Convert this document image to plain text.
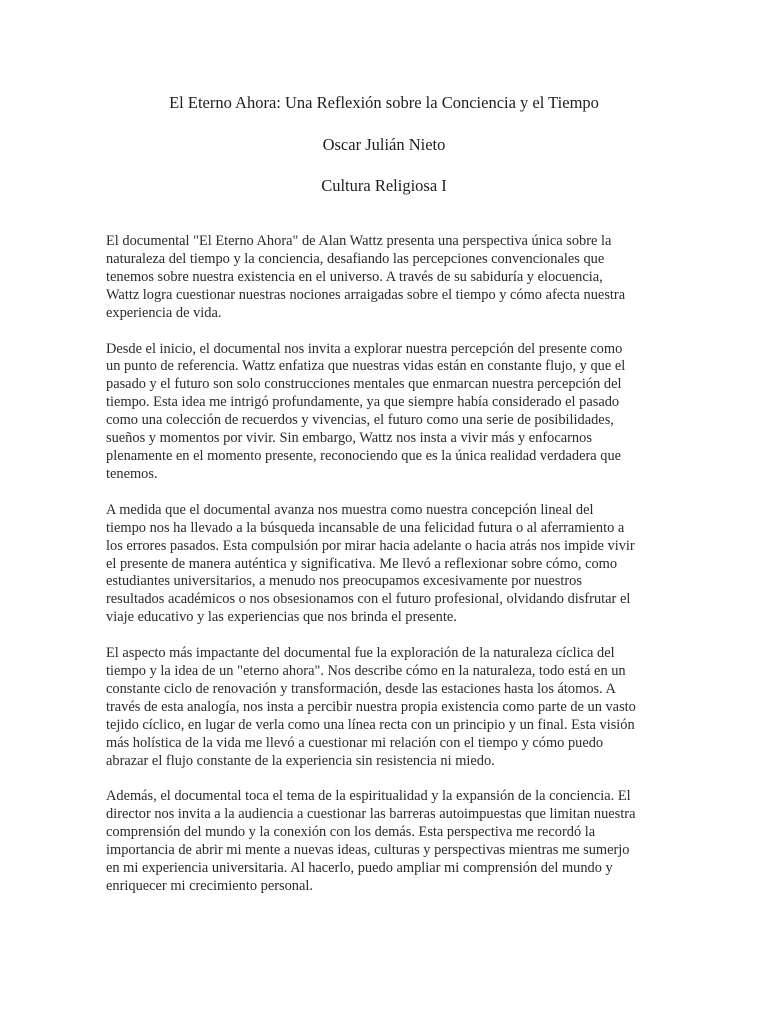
El Eterno Ahora: Una Reflexión sobre la Conciencia y el Tiempo
Oscar Julián Nieto
Cultura Religiosa I

El documental "El Eterno Ahora" de Alan Wattz presenta una perspectiva única sobre la
naturaleza del tiempo y la conciencia, desafiando las percepciones convencionales que
tenemos sobre nuestra existencia en el universo. A través de su sabiduría y elocuencia,
Wattz logra cuestionar nuestras nociones arraigadas sobre el tiempo y cómo afecta nuestra
experiencia de vida.

Desde el inicio, el documental nos invita a explorar nuestra percepción del presente como
un punto de referencia. Wattz enfatiza que nuestras vidas están en constante flujo, y que el
pasado y el futuro son solo construcciones mentales que enmarcan nuestra percepción del
tiempo. Esta idea me intrigó profundamente, ya que siempre había considerado el pasado
como una colección de recuerdos y vivencias, el futuro como una serie de posibilidades,
sueños y momentos por vivir. Sin embargo, Wattz nos insta a vivir más y enfocarnos
plenamente en el momento presente, reconociendo que es la única realidad verdadera que
tenemos.

A medida que el documental avanza nos muestra como nuestra concepción lineal del
tiempo nos ha llevado a la búsqueda incansable de una felicidad futura o al aferramiento a
los errores pasados. Esta compulsión por mirar hacia adelante o hacia atrás nos impide vivir
el presente de manera auténtica y significativa. Me llevó a reflexionar sobre cómo, como
estudiantes universitarios, a menudo nos preocupamos excesivamente por nuestros
resultados académicos o nos obsesionamos con el futuro profesional, olvidando disfrutar el
viaje educativo y las experiencias que nos brinda el presente.

El aspecto más impactante del documental fue la exploración de la naturaleza cíclica del
tiempo y la idea de un "eterno ahora". Nos describe cómo en la naturaleza, todo está en un
constante ciclo de renovación y transformación, desde las estaciones hasta los átomos. A
través de esta analogía, nos insta a percibir nuestra propia existencia como parte de un vasto
tejido cíclico, en lugar de verla como una línea recta con un principio y un final. Esta visión
más holística de la vida me llevó a cuestionar mi relación con el tiempo y cómo puedo
abrazar el flujo constante de la experiencia sin resistencia ni miedo.

Además, el documental toca el tema de la espiritualidad y la expansión de la conciencia. El
director nos invita a la audiencia a cuestionar las barreras autoimpuestas que limitan nuestra
comprensión del mundo y la conexión con los demás. Esta perspectiva me recordó la
importancia de abrir mi mente a nuevas ideas, culturas y perspectivas mientras me sumerjo
en mi experiencia universitaria. Al hacerlo, puedo ampliar mi comprensión del mundo y
enriquecer mi crecimiento personal.
